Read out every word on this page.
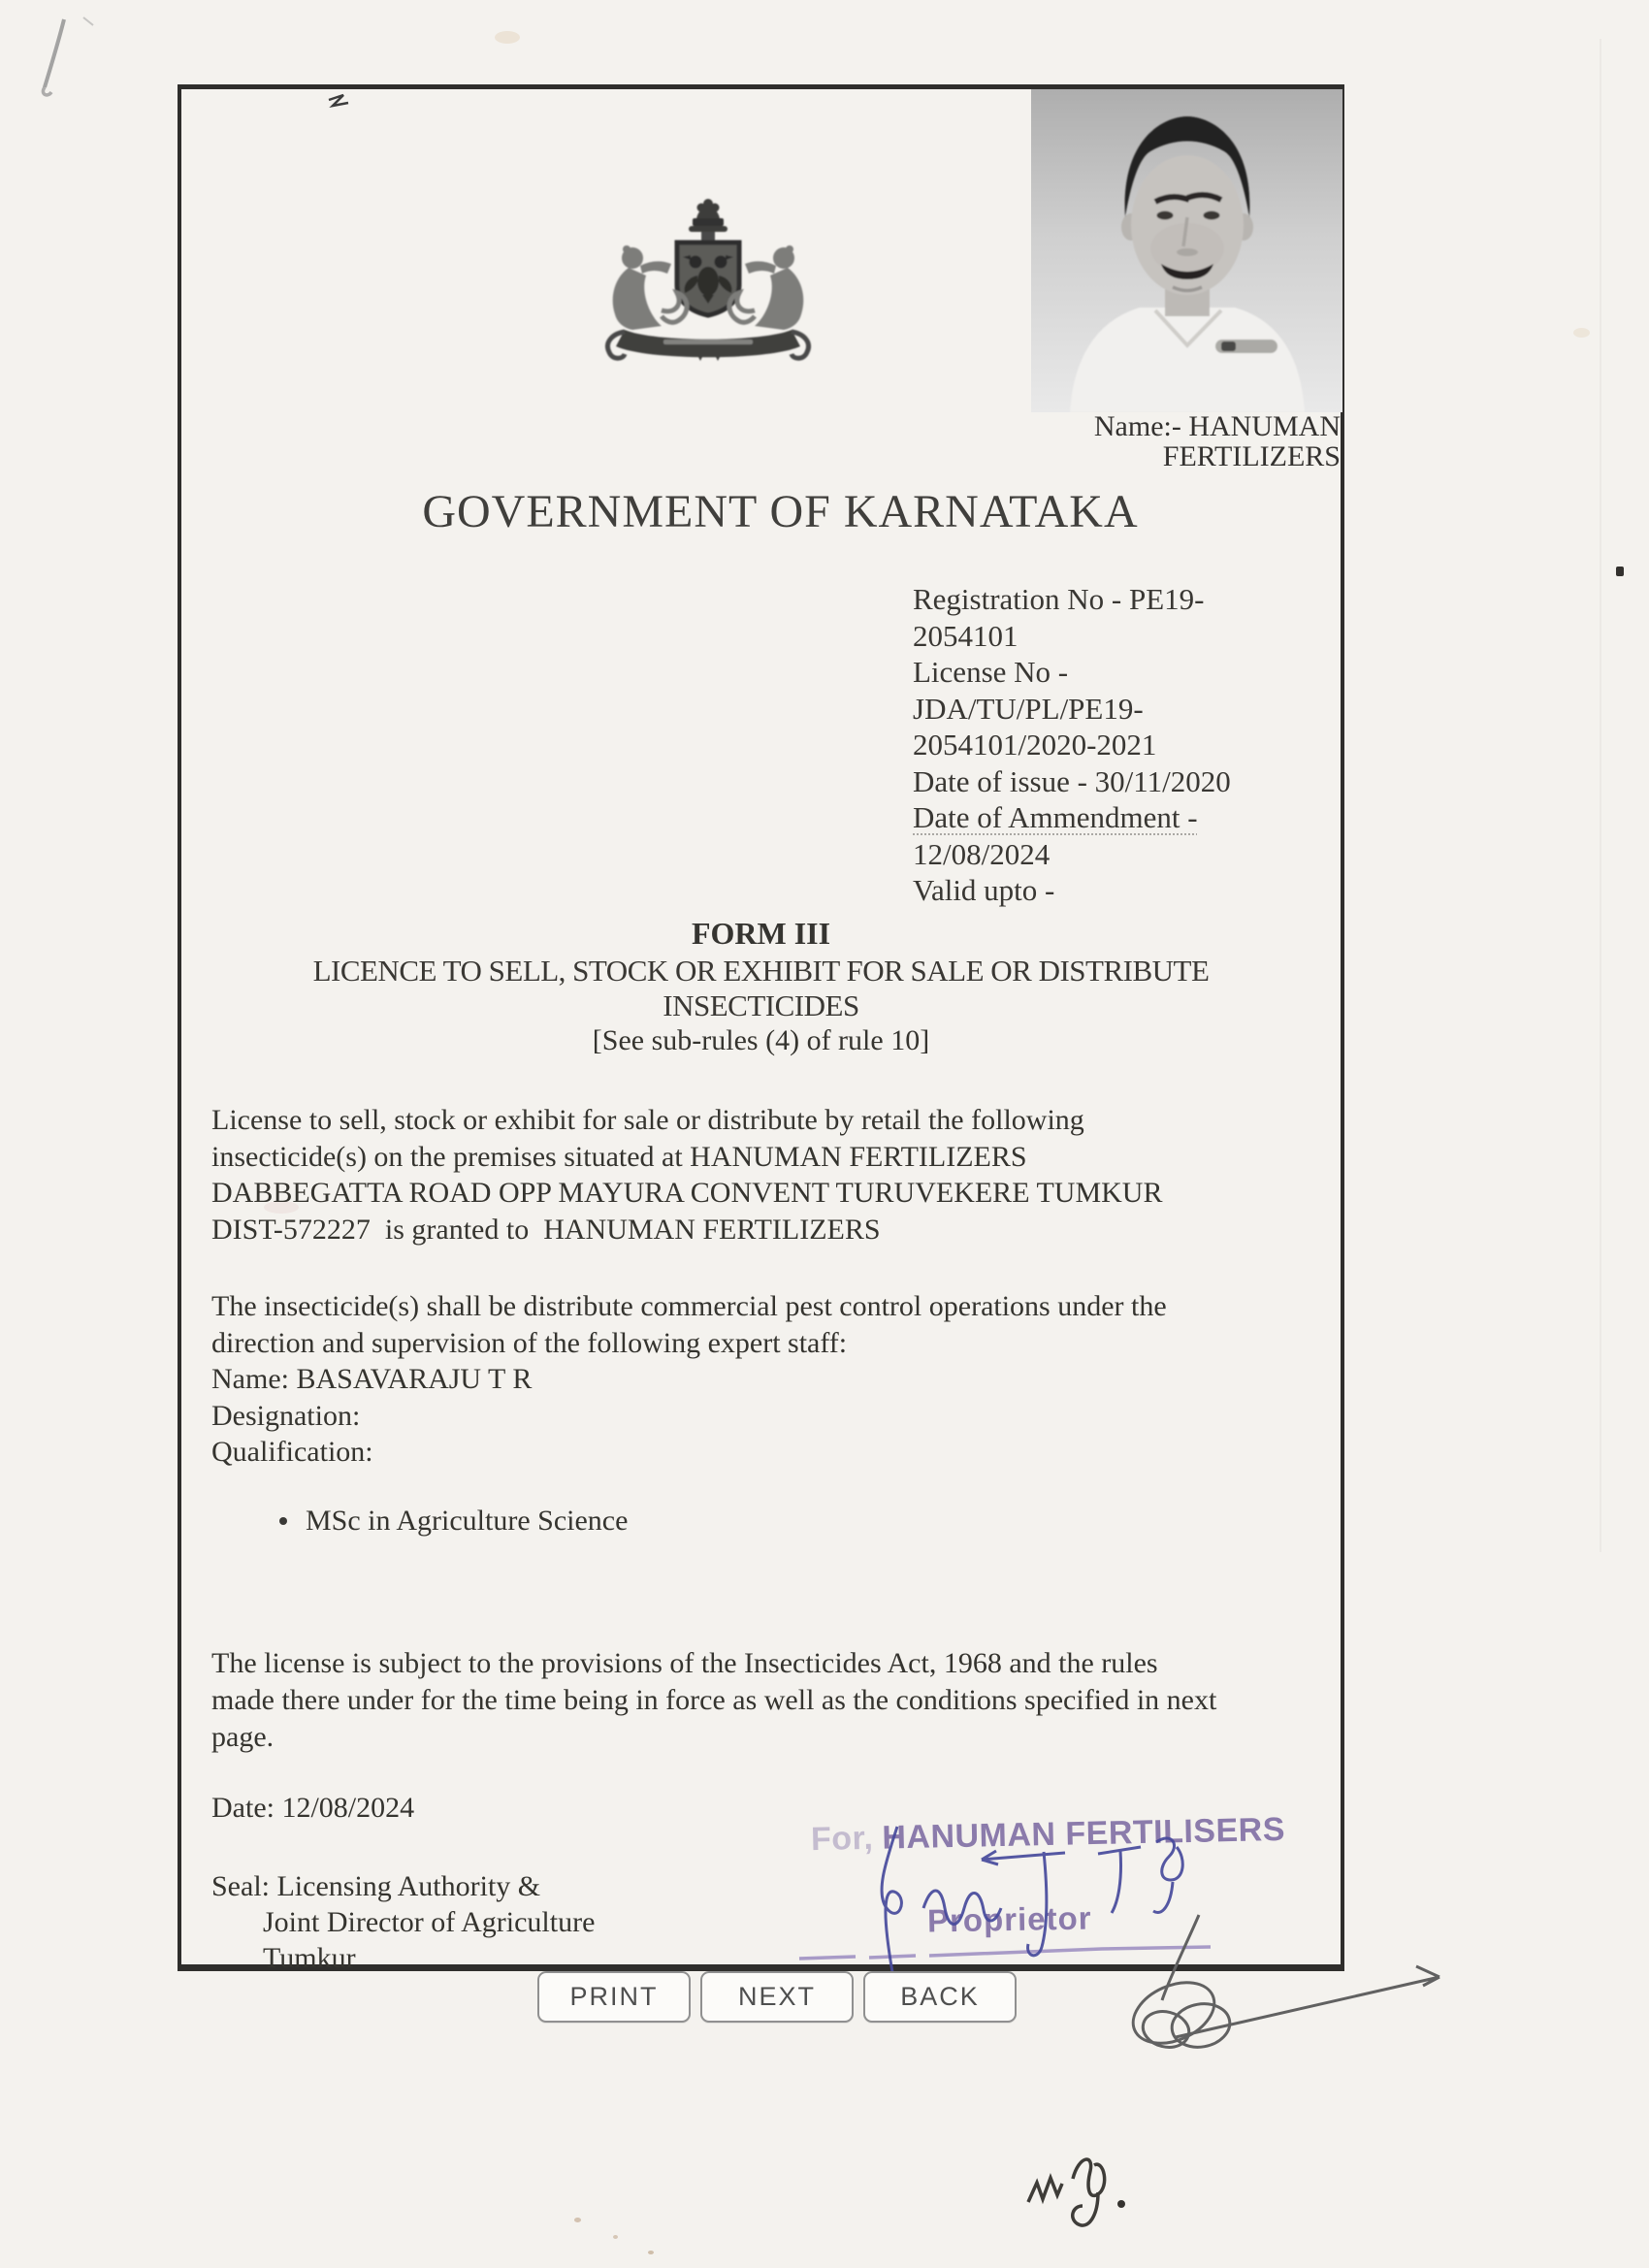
Name:- HANUMAN
FERTILIZERS
GOVERNMENT OF KARNATAKA
Registration No - PE19-
2054101
License No -
JDA/TU/PL/PE19-
2054101/2020-2021
Date of issue - 30/11/2020
Date of Ammendment -
12/08/2024
Valid upto -
FORM III
LICENCE TO SELL, STOCK OR EXHIBIT FOR SALE OR DISTRIBUTE
INSECTICIDES
[See sub-rules (4) of rule 10]
License to sell, stock or exhibit for sale or distribute by retail the following
insecticide(s) on the premises situated at HANUMAN FERTILIZERS
DABBEGATTA ROAD OPP MAYURA CONVENT TURUVEKERE TUMKUR
DIST-572227  is granted to  HANUMAN FERTILIZERS
The insecticide(s) shall be distribute commercial pest control operations under the
direction and supervision of the following expert staff:
Name: BASAVARAJU T R
Designation:
Qualification:
MSc in Agriculture Science
The license is subject to the provisions of the Insecticides Act, 1968 and the rules
made there under for the time being in force as well as the conditions specified in next
page.
Date: 12/08/2024
Seal: Licensing Authority &
Joint Director of Agriculture
Tumkur
For, HANUMAN FERTILISERS
Proprietor
PRINT	NEXT	BACK
